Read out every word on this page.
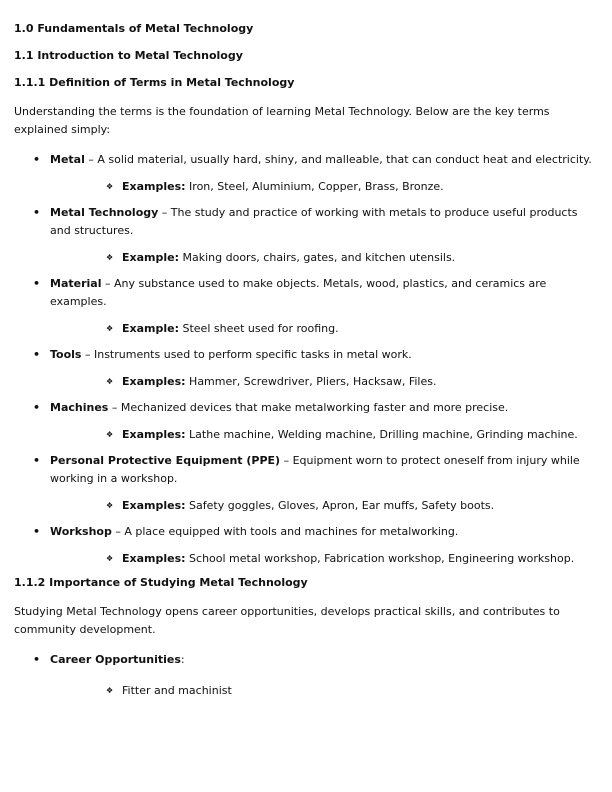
1.0 Fundamentals of Metal Technology
1.1 Introduction to Metal Technology
1.1.1 Definition of Terms in Metal Technology

Understanding the terms is the foundation of learning Metal Technology. Below are the key terms explained simply:

• Metal – A solid material, usually hard, shiny, and malleable, that can conduct heat and electricity.
❖ Examples: Iron, Steel, Aluminium, Copper, Brass, Bronze.
• Metal Technology – The study and practice of working with metals to produce useful products and structures.
❖ Example: Making doors, chairs, gates, and kitchen utensils.
• Material – Any substance used to make objects. Metals, wood, plastics, and ceramics are examples.
❖ Example: Steel sheet used for roofing.
• Tools – Instruments used to perform specific tasks in metal work.
❖ Examples: Hammer, Screwdriver, Pliers, Hacksaw, Files.
• Machines – Mechanized devices that make metalworking faster and more precise.
❖ Examples: Lathe machine, Welding machine, Drilling machine, Grinding machine.
• Personal Protective Equipment (PPE) – Equipment worn to protect oneself from injury while working in a workshop.
❖ Examples: Safety goggles, Gloves, Apron, Ear muffs, Safety boots.
• Workshop – A place equipped with tools and machines for metalworking.
❖ Examples: School metal workshop, Fabrication workshop, Engineering workshop.
1.1.2 Importance of Studying Metal Technology

Studying Metal Technology opens career opportunities, develops practical skills, and contributes to community development.

• Career Opportunities:
❖ Fitter and machinist
